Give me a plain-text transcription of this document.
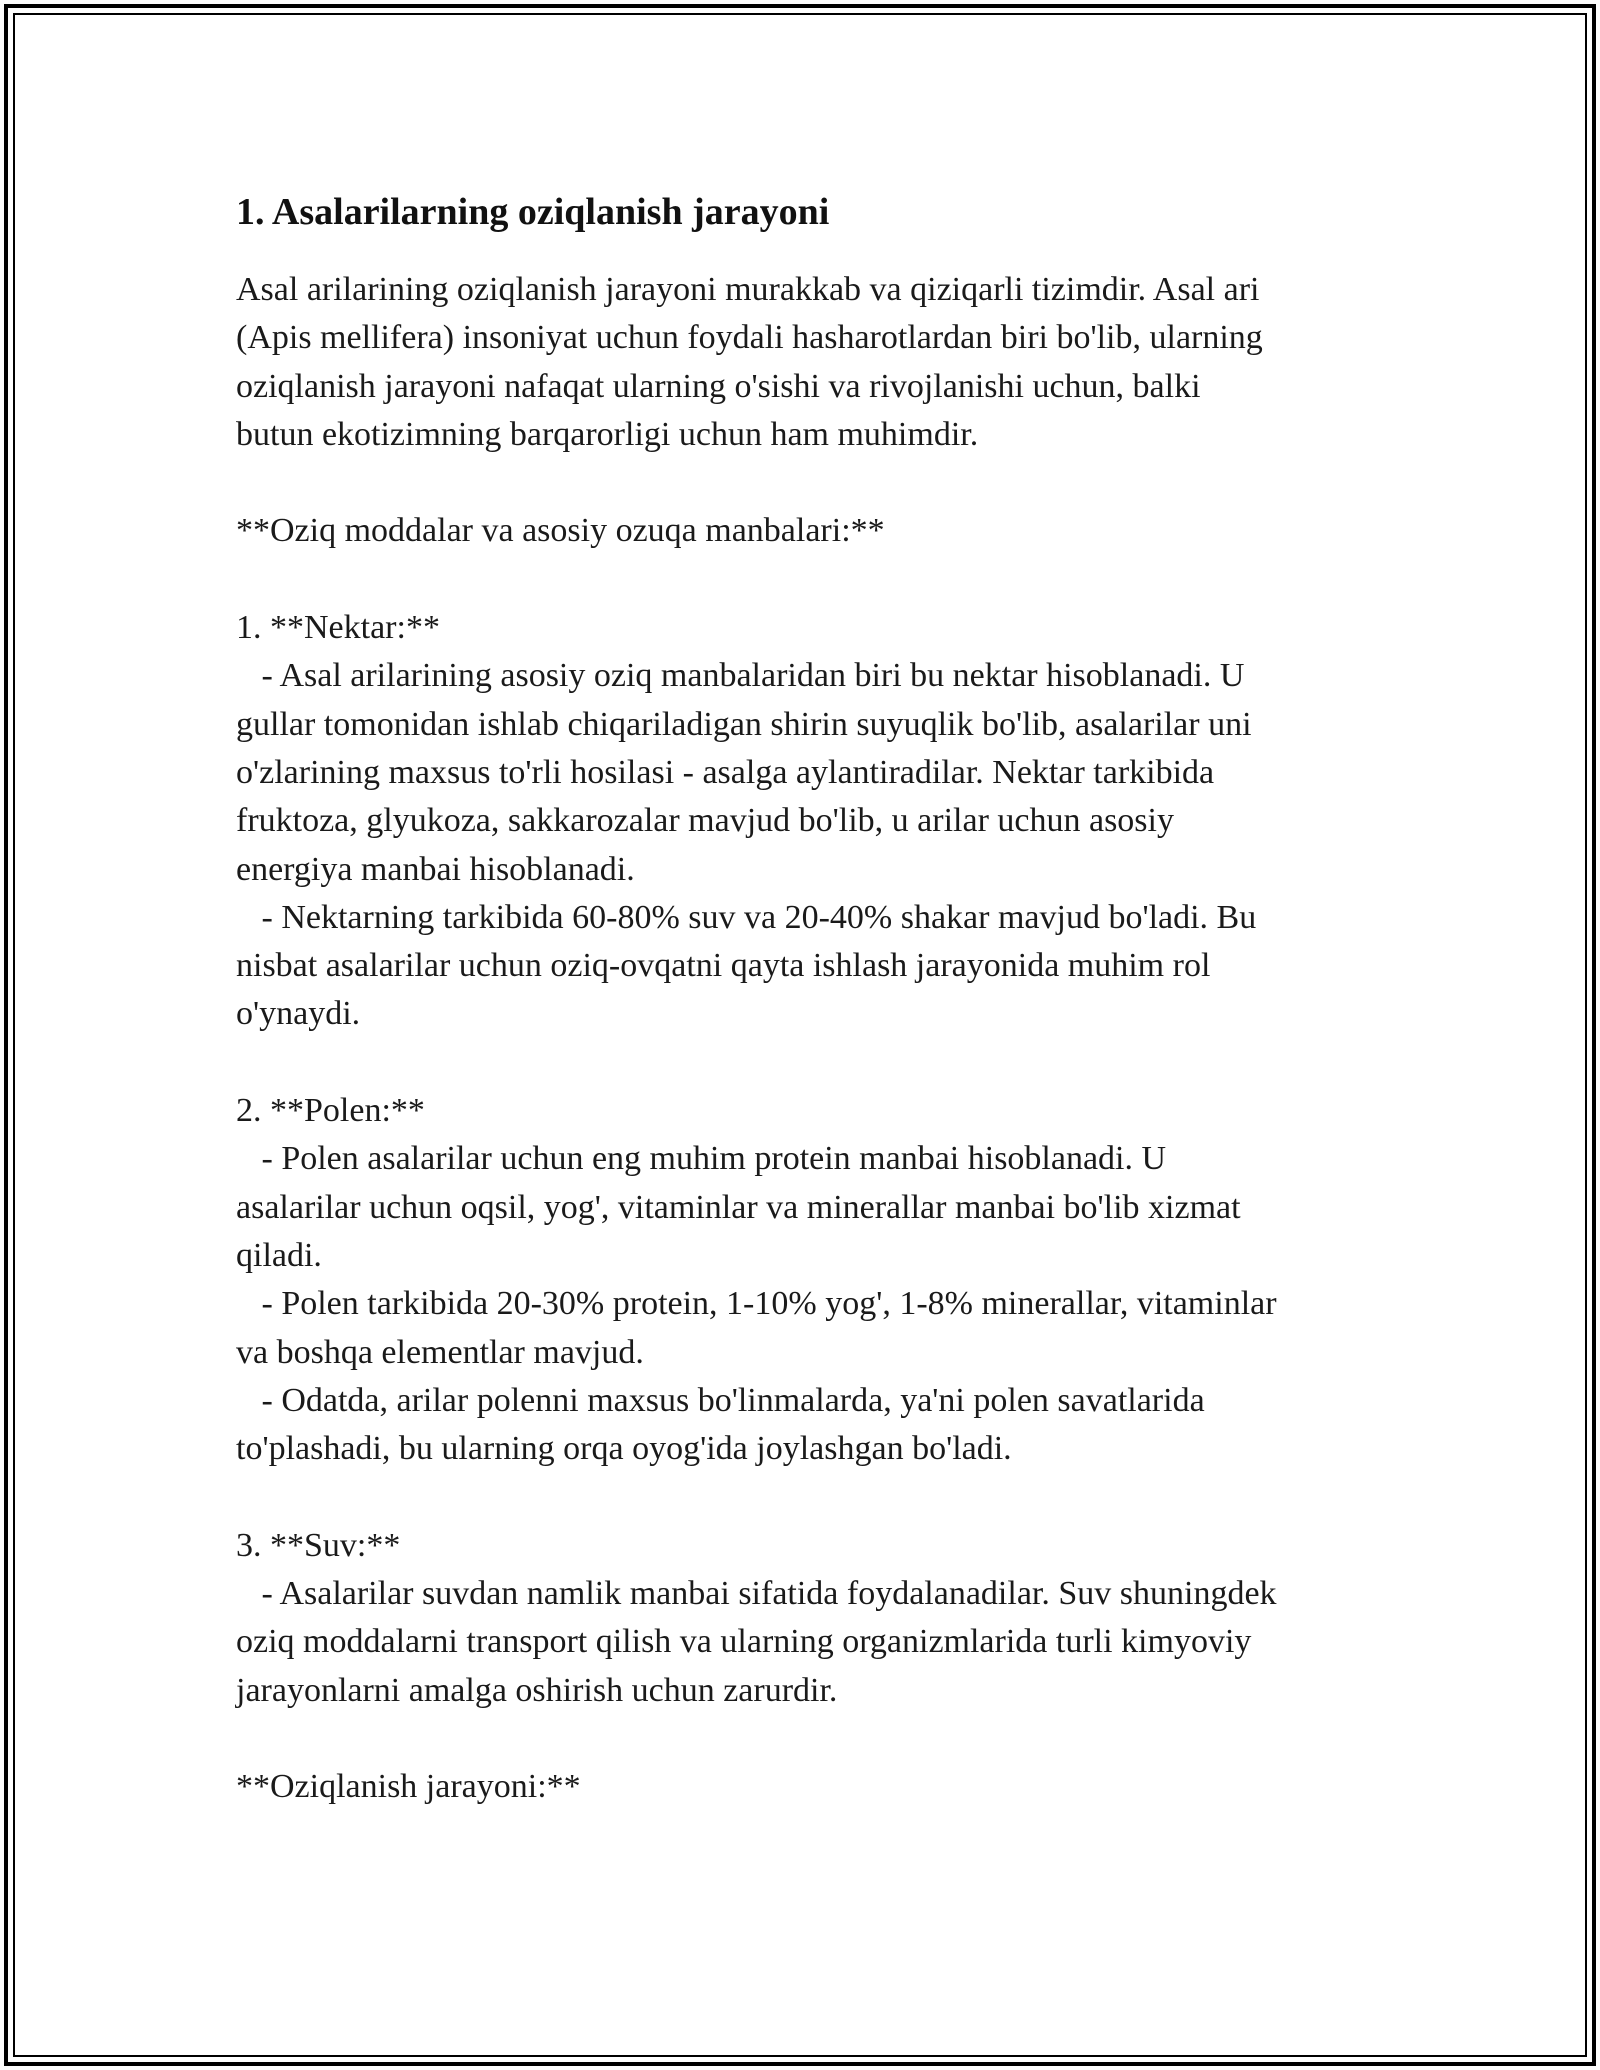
1. Asalarilarning oziqlanish jarayoni

Asal arilarining oziqlanish jarayoni murakkab va qiziqarli tizimdir. Asal ari
(Apis mellifera) insoniyat uchun foydali hasharotlardan biri bo'lib, ularning
oziqlanish jarayoni nafaqat ularning o'sishi va rivojlanishi uchun, balki
butun ekotizimning barqarorligi uchun ham muhimdir.

**Oziq moddalar va asosiy ozuqa manbalari:**

1. **Nektar:**
- Asal arilarining asosiy oziq manbalaridan biri bu nektar hisoblanadi. U
gullar tomonidan ishlab chiqariladigan shirin suyuqlik bo'lib, asalarilar uni
o'zlarining maxsus to'rli hosilasi - asalga aylantiradilar. Nektar tarkibida
fruktoza, glyukoza, sakkarozalar mavjud bo'lib, u arilar uchun asosiy
energiya manbai hisoblanadi.
- Nektarning tarkibida 60-80% suv va 20-40% shakar mavjud bo'ladi. Bu
nisbat asalarilar uchun oziq-ovqatni qayta ishlash jarayonida muhim rol
o'ynaydi.

2. **Polen:**
- Polen asalarilar uchun eng muhim protein manbai hisoblanadi. U
asalarilar uchun oqsil, yog', vitaminlar va minerallar manbai bo'lib xizmat
qiladi.
- Polen tarkibida 20-30% protein, 1-10% yog', 1-8% minerallar, vitaminlar
va boshqa elementlar mavjud.
- Odatda, arilar polenni maxsus bo'linmalarda, ya'ni polen savatlarida
to'plashadi, bu ularning orqa oyog'ida joylashgan bo'ladi.

3. **Suv:**
- Asalarilar suvdan namlik manbai sifatida foydalanadilar. Suv shuningdek
oziq moddalarni transport qilish va ularning organizmlarida turli kimyoviy
jarayonlarni amalga oshirish uchun zarurdir.

**Oziqlanish jarayoni:**
